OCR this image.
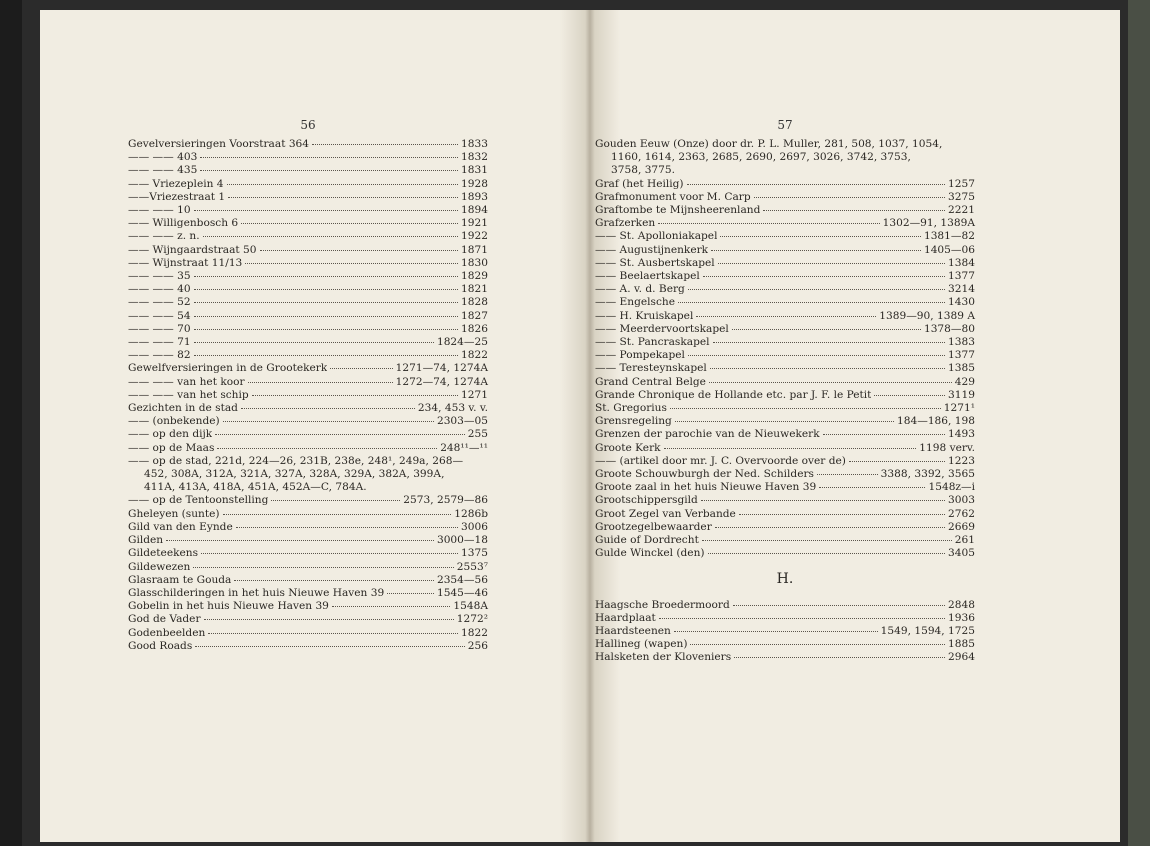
56
Gevelversieringen Voorstraat 364	1833
—— —— 403	1832
—— —— 435	1831
—— Vriezeplein 4	1928
——Vriezestraat 1	1893
—— —— 10	1894
—— Willigenbosch 6	1921
—— —— z. n.	1922
—— Wijngaardstraat 50	1871
—— Wijnstraat 11/13	1830
—— —— 35	1829
—— —— 40	1821
—— —— 52	1828
—— —— 54	1827
—— —— 70	1826
—— —— 71	1824—25
—— —— 82	1822
Gewelfversieringen in de Grootekerk	1271—74, 1274A
—— —— van het koor	1272—74, 1274A
—— —— van het schip	1271
Gezichten in de stad	234, 453 v. v.
—— (onbekende)	2303—05
—— op den dijk	255
—— op de Maas	248¹¹—¹¹
—— op de stad, 221d, 224—26, 231B, 238e, 248¹, 249a, 268—
452, 308A, 312A, 321A, 327A, 328A, 329A, 382A, 399A,
411A, 413A, 418A, 451A, 452A—C, 784A.
—— op de Tentoonstelling	2573, 2579—86
Gheleyen (sunte)	1286b
Gild van den Eynde	3006
Gilden	3000—18
Gildeteekens	1375
Gildewezen	2553⁷
Glasraam te Gouda	2354—56
Glasschilderingen in het huis Nieuwe Haven 39	1545—46
Gobelin in het huis Nieuwe Haven 39	1548A
God de Vader	1272²
Godenbeelden	1822
Good Roads	256
57
Gouden Eeuw (Onze) door dr. P. L. Muller, 281, 508, 1037, 1054,
1160, 1614, 2363, 2685, 2690, 2697, 3026, 3742, 3753,
3758, 3775.
Graf (het Heilig)	1257
Grafmonument voor M. Carp	3275
Graftombe te Mijnsheerenland	2221
Grafzerken	1302—91, 1389A
—— St. Apolloniakapel	1381—82
—— Augustijnenkerk	1405—06
—— St. Ausbertskapel	1384
—— Beelaertskapel	1377
—— A. v. d. Berg	3214
—— Engelsche	1430
—— H. Kruiskapel	1389—90, 1389 A
—— Meerdervoortskapel	1378—80
—— St. Pancraskapel	1383
—— Pompekapel	1377
—— Teresteynskapel	1385
Grand Central Belge	429
Grande Chronique de Hollande etc. par J. F. le Petit	3119
St. Gregorius	1271¹
Grensregeling	184—186, 198
Grenzen der parochie van de Nieuwekerk	1493
Groote Kerk	1198 verv.
—— (artikel door mr. J. C. Overvoorde over de)	1223
Groote Schouwburgh der Ned. Schilders	3388, 3392, 3565
Groote zaal in het huis Nieuwe Haven 39	1548z—i
Grootschippersgild	3003
Groot Zegel van Verbande	2762
Grootzegelbewaarder	2669
Guide of Dordrecht	261
Gulde Winckel (den)	3405
H.
Haagsche Broedermoord	2848
Haardplaat	1936
Haardsteenen	1549, 1594, 1725
Hallineg (wapen)	1885
Halsketen der Kloveniers	2964
